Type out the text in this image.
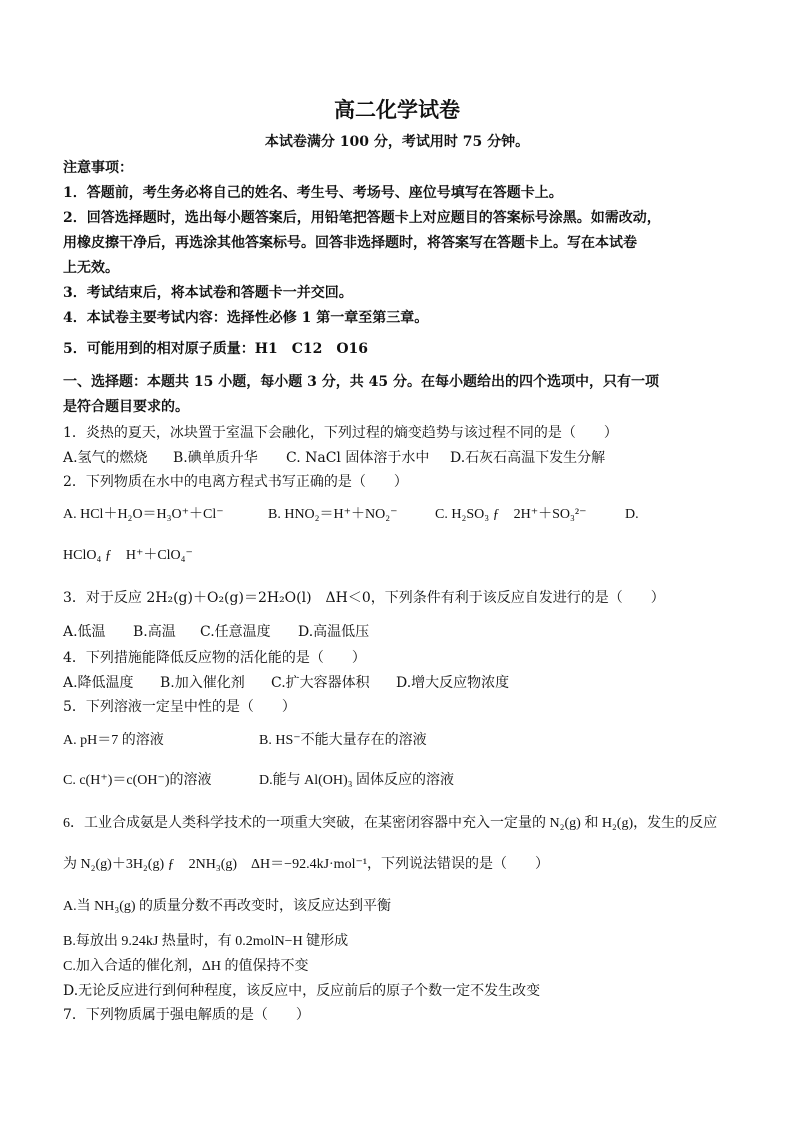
高二化学试卷
本试卷满分 100 分，考试用时 75 分钟。
注意事项：
1．答题前，考生务必将自己的姓名、考生号、考场号、座位号填写在答题卡上。
2．回答选择题时，选出每小题答案后，用铅笔把答题卡上对应题目的答案标号涂黑。如需改动，
用橡皮擦干净后，再选涂其他答案标号。回答非选择题时，将答案写在答题卡上。写在本试卷
上无效。
3．考试结束后，将本试卷和答题卡一并交回。
4．本试卷主要考试内容：选择性必修 1 第一章至第三章。
5．可能用到的相对原子质量：H1　C12　O16
一、选择题：本题共 15 小题，每小题 3 分，共 45 分。在每小题给出的四个选项中，只有一项
是符合题目要求的。
1．炎热的夏天，冰块置于室温下会融化，下列过程的熵变趋势与该过程不同的是（　　）
A.氢气的燃烧 B.碘单质升华 C. NaCl 固体溶于水中 D.石灰石高温下发生分解
2．下列物质在水中的电离方程式书写正确的是（　　）
A. HCl＋H₂O＝H₃O⁺＋Cl⁻	B. HNO₂＝H⁺＋NO₂⁻	C. H₂SO₃ ƒ　2H⁺＋SO₃²⁻	D.
HClO₄ ƒ　H⁺＋ClO₄⁻
3．对于反应 2H₂(g)＋O₂(g)＝2H₂O(l)　ΔH＜0，下列条件有利于该反应自发进行的是（　　）
A.低温 B.高温 C.任意温度 D.高温低压
4．下列措施能降低反应物的活化能的是（　　）
A.降低温度 B.加入催化剂 C.扩大容器体积 D.增大反应物浓度
5．下列溶液一定呈中性的是（　　）
A. pH＝7 的溶液	B. HS⁻不能大量存在的溶液
C. c(H⁺)＝c(OH⁻)的溶液	D.能与 Al(OH)₃ 固体反应的溶液
6．工业合成氨是人类科学技术的一项重大突破，在某密闭容器中充入一定量的 N₂(g) 和 H₂(g)，发生的反应
为 N₂(g)＋3H₂(g) ƒ　2NH₃(g)　ΔH＝−92.4kJ·mol⁻¹，下列说法错误的是（　　）
A.当 NH₃(g) 的质量分数不再改变时，该反应达到平衡
B.每放出 9.24kJ 热量时，有 0.2molN−H 键形成
C.加入合适的催化剂，ΔH 的值保持不变
D.无论反应进行到何种程度，该反应中，反应前后的原子个数一定不发生改变
7．下列物质属于强电解质的是（　　）
